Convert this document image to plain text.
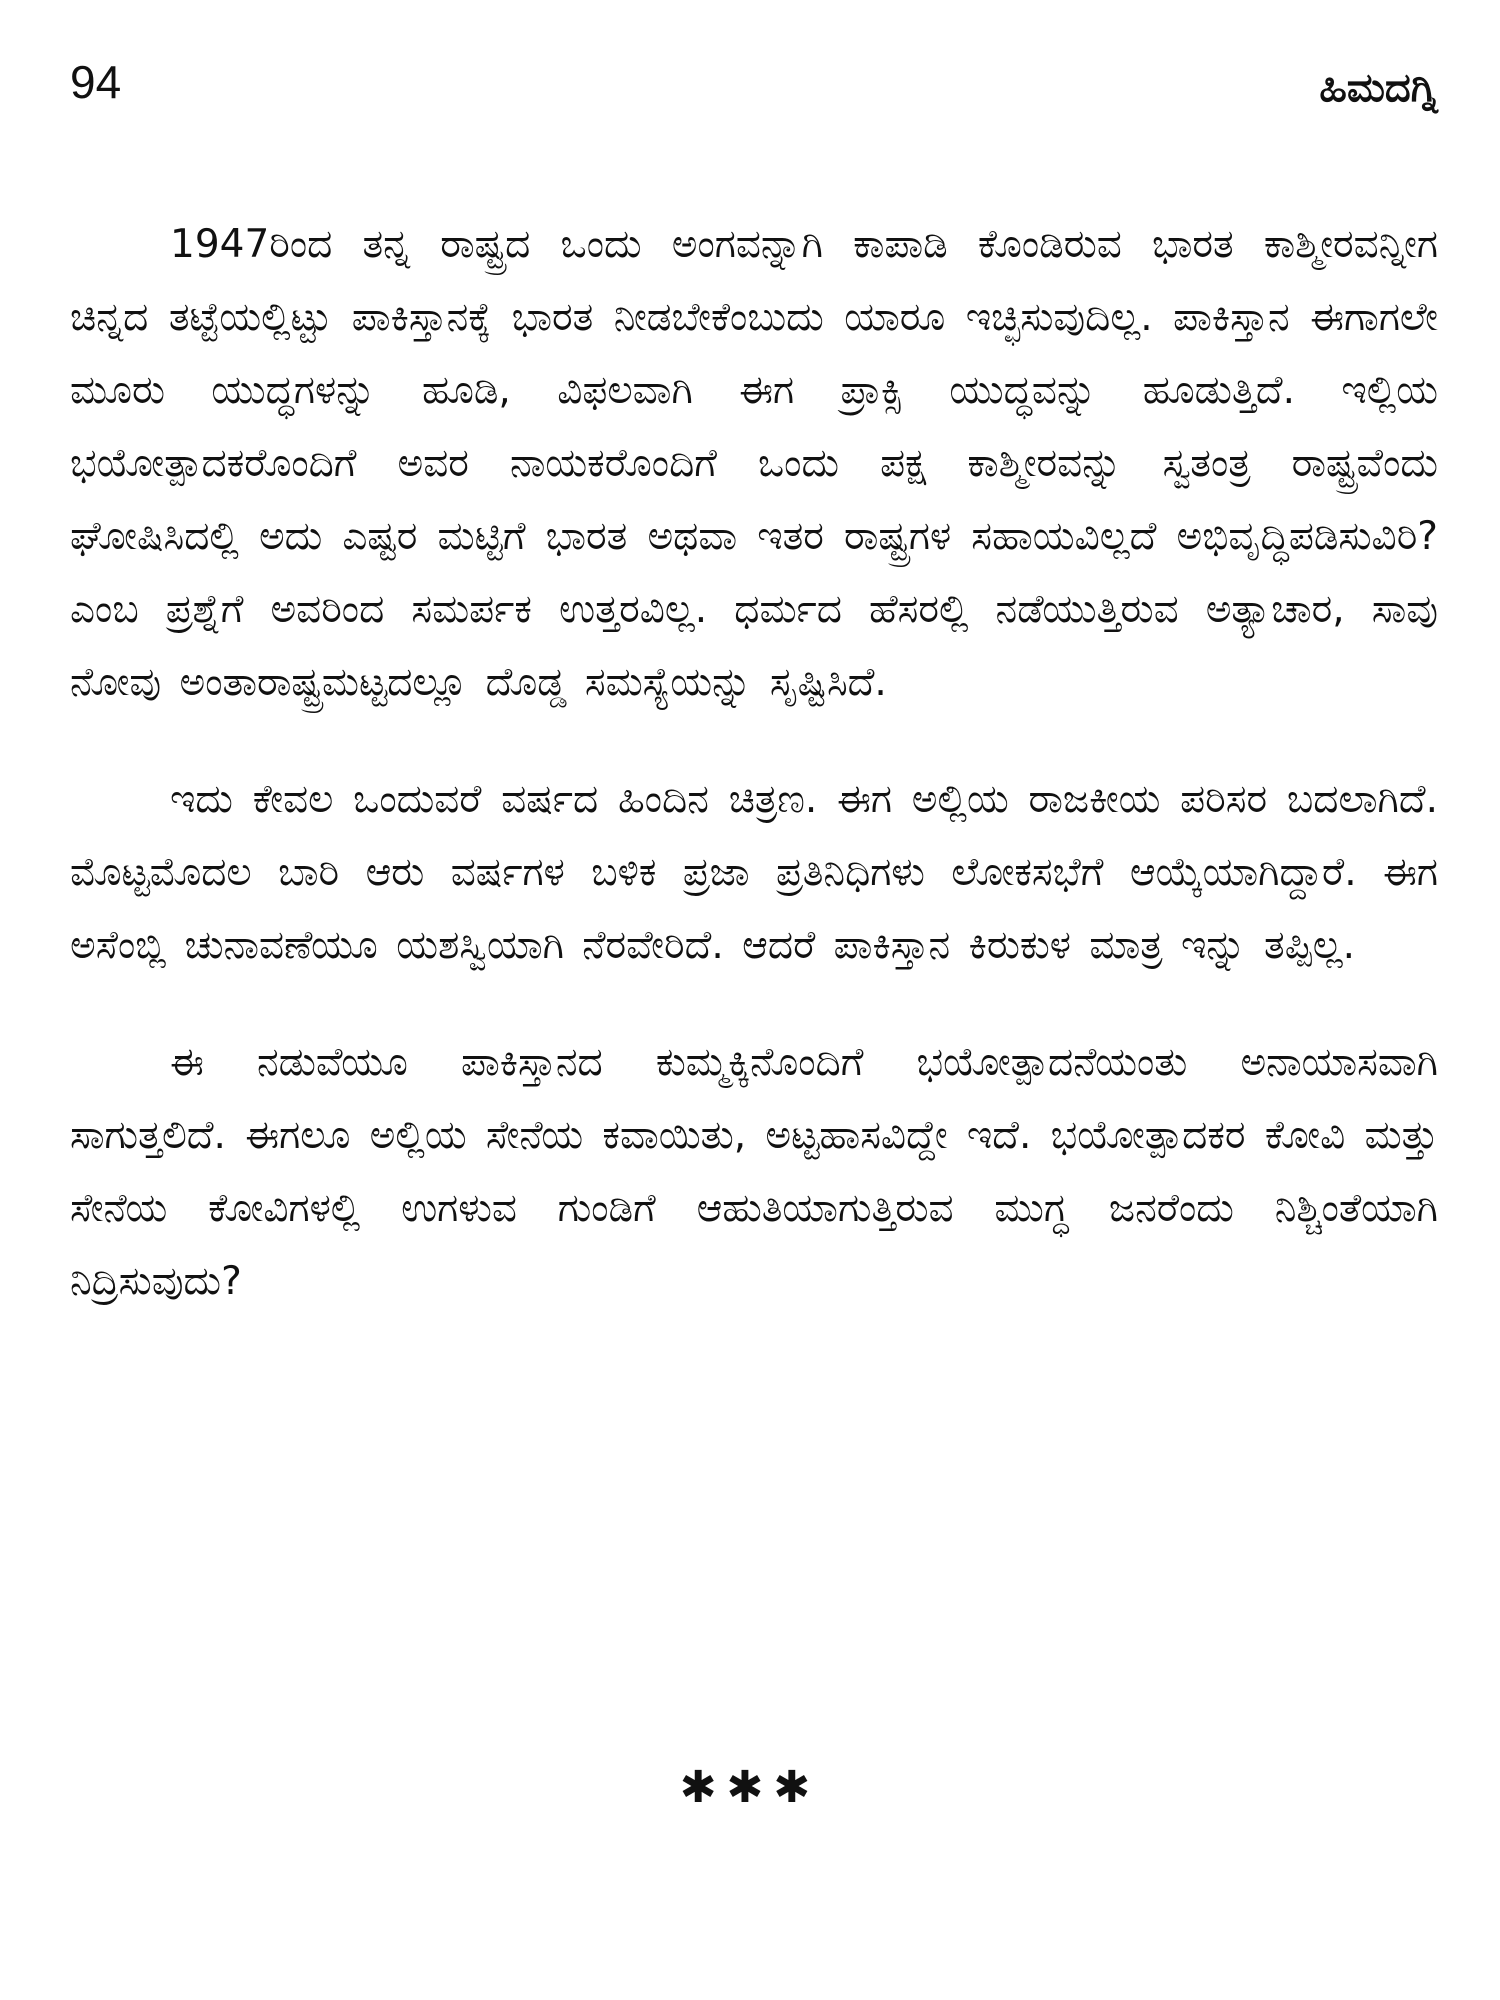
94	ಹಿಮದಗ್ನಿ

1947ರಿಂದ ತನ್ನ ರಾಷ್ಟ್ರದ ಒಂದು ಅಂಗವನ್ನಾಗಿ ಕಾಪಾಡಿ ಕೊಂಡಿರುವ ಭಾರತ ಕಾಶ್ಮೀರವನ್ನೀಗ ಚಿನ್ನದ ತಟ್ಟೆಯಲ್ಲಿಟ್ಟು ಪಾಕಿಸ್ತಾನಕ್ಕೆ ಭಾರತ ನೀಡಬೇಕೆಂಬುದು ಯಾರೂ ಇಚ್ಛಿಸುವುದಿಲ್ಲ. ಪಾಕಿಸ್ತಾನ ಈಗಾಗಲೇ ಮೂರು ಯುದ್ಧಗಳನ್ನು ಹೂಡಿ, ವಿಫಲವಾಗಿ ಈಗ ಪ್ರಾಕ್ಸಿ ಯುದ್ಧವನ್ನು ಹೂಡುತ್ತಿದೆ. ಇಲ್ಲಿಯ ಭಯೋತ್ಪಾದಕರೊಂದಿಗೆ ಅವರ ನಾಯಕರೊಂದಿಗೆ ಒಂದು ಪಕ್ಷ ಕಾಶ್ಮೀರವನ್ನು ಸ್ವತಂತ್ರ ರಾಷ್ಟ್ರವೆಂದು ಘೋಷಿಸಿದಲ್ಲಿ ಅದು ಎಷ್ಟರ ಮಟ್ಟಿಗೆ ಭಾರತ ಅಥವಾ ಇತರ ರಾಷ್ಟ್ರಗಳ ಸಹಾಯವಿಲ್ಲದೆ ಅಭಿವೃದ್ಧಿಪಡಿಸುವಿರಿ? ಎಂಬ ಪ್ರಶ್ನೆಗೆ ಅವರಿಂದ ಸಮರ್ಪಕ ಉತ್ತರವಿಲ್ಲ. ಧರ್ಮದ ಹೆಸರಲ್ಲಿ ನಡೆಯುತ್ತಿರುವ ಅತ್ಯಾಚಾರ, ಸಾವು ನೋವು ಅಂತಾರಾಷ್ಟ್ರಮಟ್ಟದಲ್ಲೂ ದೊಡ್ಡ ಸಮಸ್ಯೆಯನ್ನು ಸೃಷ್ಟಿಸಿದೆ.

ಇದು ಕೇವಲ ಒಂದುವರೆ ವರ್ಷದ ಹಿಂದಿನ ಚಿತ್ರಣ. ಈಗ ಅಲ್ಲಿಯ ರಾಜಕೀಯ ಪರಿಸರ ಬದಲಾಗಿದೆ. ಮೊಟ್ಟಮೊದಲ ಬಾರಿ ಆರು ವರ್ಷಗಳ ಬಳಿಕ ಪ್ರಜಾ ಪ್ರತಿನಿಧಿಗಳು ಲೋಕಸಭೆಗೆ ಆಯ್ಕೆಯಾಗಿದ್ದಾರೆ. ಈಗ ಅಸೆಂಬ್ಲಿ ಚುನಾವಣೆಯೂ ಯಶಸ್ವಿಯಾಗಿ ನೆರವೇರಿದೆ. ಆದರೆ ಪಾಕಿಸ್ತಾನ ಕಿರುಕುಳ ಮಾತ್ರ ಇನ್ನು ತಪ್ಪಿಲ್ಲ.

ಈ ನಡುವೆಯೂ ಪಾಕಿಸ್ತಾನದ ಕುಮ್ಮಕ್ಕಿನೊಂದಿಗೆ ಭಯೋತ್ಪಾದನೆಯಂತು ಅನಾಯಾಸವಾಗಿ ಸಾಗುತ್ತಲಿದೆ. ಈಗಲೂ ಅಲ್ಲಿಯ ಸೇನೆಯ ಕವಾಯಿತು, ಅಟ್ಟಹಾಸವಿದ್ದೇ ಇದೆ. ಭಯೋತ್ಪಾದಕರ ಕೋವಿ ಮತ್ತು ಸೇನೆಯ ಕೋವಿಗಳಲ್ಲಿ ಉಗಳುವ ಗುಂಡಿಗೆ ಆಹುತಿಯಾಗುತ್ತಿರುವ ಮುಗ್ಧ ಜನರೆಂದು ನಿಶ್ಚಿಂತೆಯಾಗಿ ನಿದ್ರಿಸುವುದು?

✱✱✱
